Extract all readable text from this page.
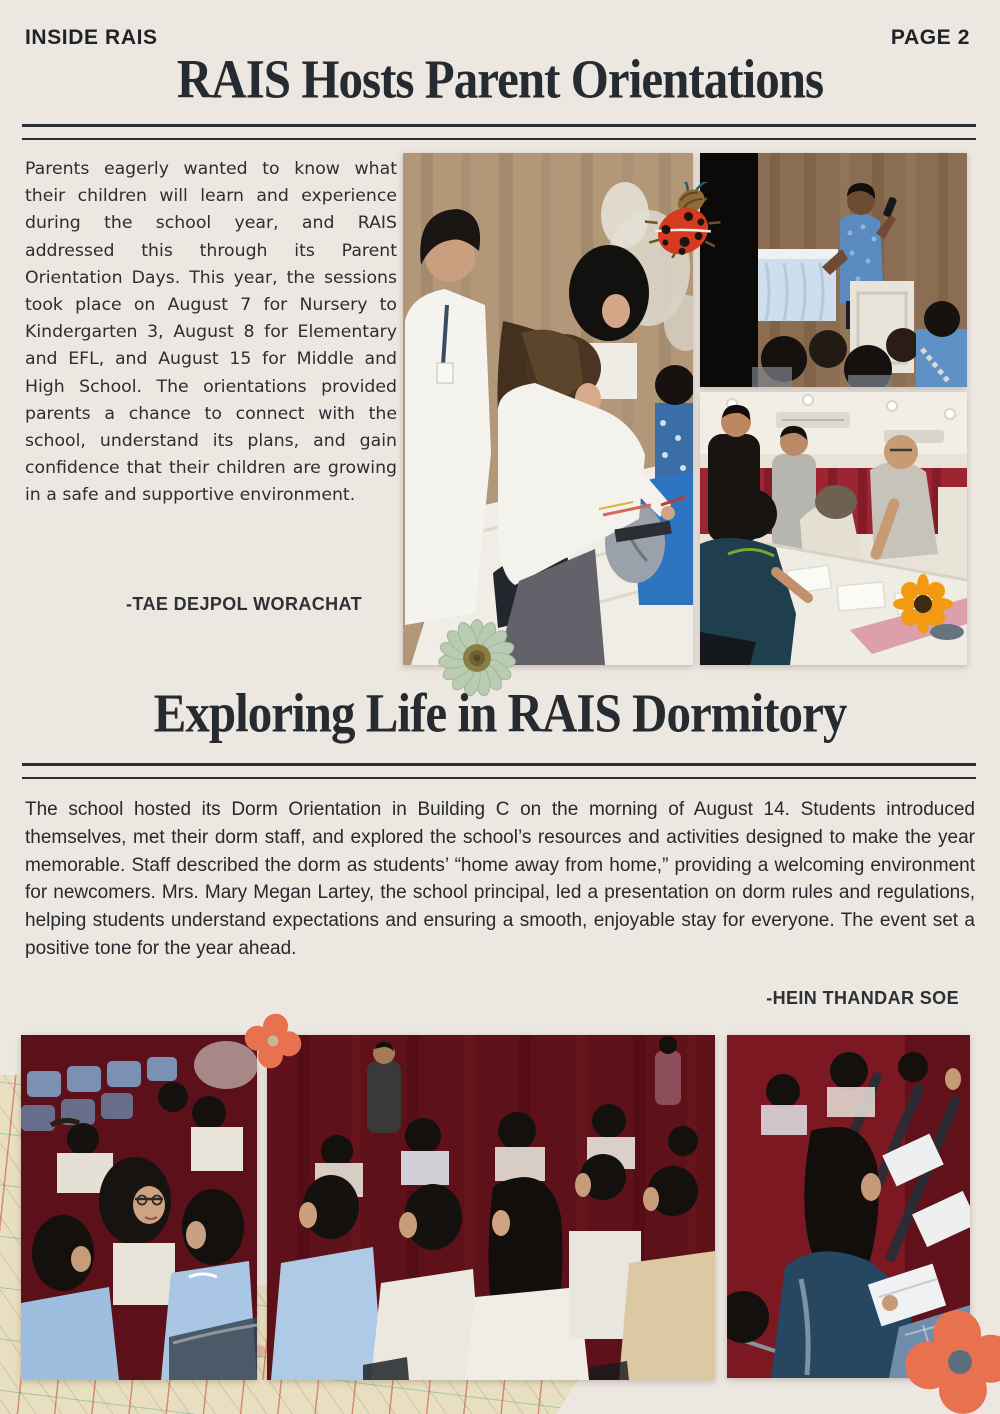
INSIDE RAIS	PAGE 2
RAIS Hosts Parent Orientations

Parents eagerly wanted to know what their children will learn and experience during the school year, and RAIS addressed this through its Parent Orientation Days. This year, the sessions took place on August 7 for Nursery to Kindergarten 3, August 8 for Elementary and EFL, and August 15 for Middle and High School. The orientations provided parents a chance to connect with the school, understand its plans, and gain confidence that their children are growing in a safe and supportive environment.

-TAE DEJPOL WORACHAT
Exploring Life in RAIS Dormitory

The school hosted its Dorm Orientation in Building C on the morning of August 14. Students introduced themselves, met their dorm staff, and explored the school’s resources and activities designed to make the year memorable. Staff described the dorm as students’ “home away from home,” providing a welcoming environment for newcomers. Mrs. Mary Megan Lartey, the school principal, led a presentation on dorm rules and regulations, helping students understand expectations and ensuring a smooth, enjoyable stay for everyone. The event set a positive tone for the year ahead.

-HEIN THANDAR SOE
